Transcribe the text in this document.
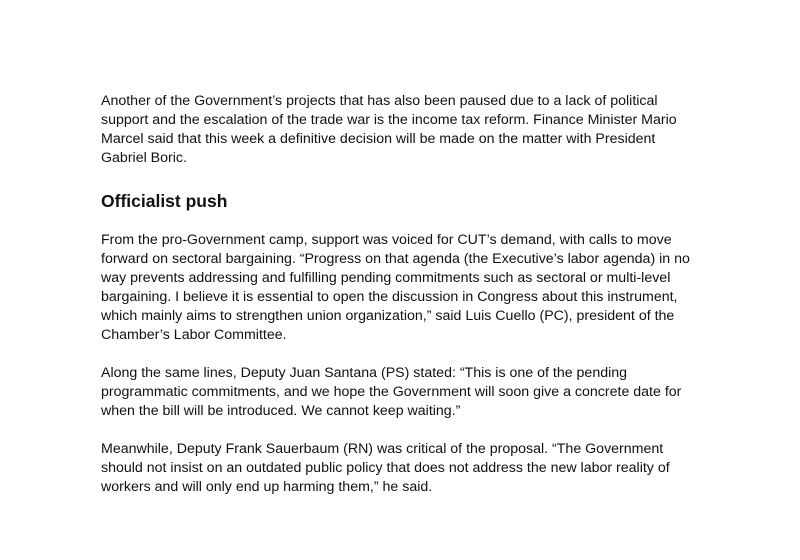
Another of the Government’s projects that has also been paused due to a lack of political support and the escalation of the trade war is the income tax reform. Finance Minister Mario Marcel said that this week a definitive decision will be made on the matter with President Gabriel Boric.

Officialist push

From the pro-Government camp, support was voiced for CUT’s demand, with calls to move forward on sectoral bargaining. “Progress on that agenda (the Executive’s labor agenda) in no way prevents addressing and fulfilling pending commitments such as sectoral or multi-level bargaining. I believe it is essential to open the discussion in Congress about this instrument, which mainly aims to strengthen union organization,” said Luis Cuello (PC), president of the Chamber’s Labor Committee.

Along the same lines, Deputy Juan Santana (PS) stated: “This is one of the pending programmatic commitments, and we hope the Government will soon give a concrete date for when the bill will be introduced. We cannot keep waiting.”

Meanwhile, Deputy Frank Sauerbaum (RN) was critical of the proposal. “The Government should not insist on an outdated public policy that does not address the new labor reality of workers and will only end up harming them,” he said.
